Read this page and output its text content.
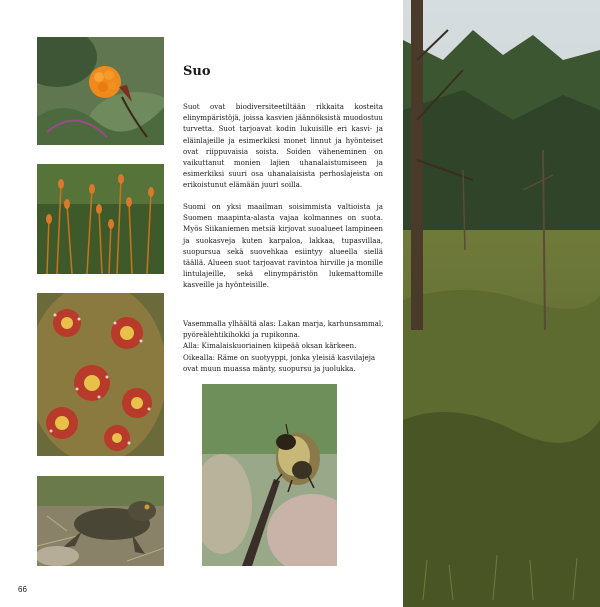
Suo

Suot ovat biodiversiteetiltään rikkaita kosteita elinympäristöjä, joissa kasvien jäännöksistä muodostuu turvetta. Suot tarjoavat kodin lukuisille eri kasvi- ja eläinlajeille ja esimerkiksi monet linnut ja hyönteiset ovat riippuvaisia soista. Soiden väheneminen on vaikuttanut monien lajien uhanalaistumiseen ja esimerkiksi suuri osa uhanalaisista perhoslajeista on erikoistunut elämään juuri soilla.

Suomi on yksi maailman soisimmista valtioista ja Suomen maapinta-alasta vajaa kolmannes on suota. Myös Siikaniemen metsiä kirjovat suoalueet lampineen ja suokasveja kuten karpaloa, lakkaa, tupasvillaa, suopursua sekä suovehkaa esiintyy alueella siellä täällä. Alueen suot tarjoavat ravintoa hirville ja monille lintulajeille, sekä elinympäristön lukemattomille kasveille ja hyönteisille.

Vasemmalla ylhäältä alas: Lakan marja, karhunsammal, pyöreälehtikihokki ja rupikonna.
Alla: Kimalaiskuoriainen kiipeää oksan kärkeen.
Oikealla: Räme on suotyyppi, jonka yleisiä kasvilajeja ovat muun muassa mänty, suopursu ja juolukka.
66
